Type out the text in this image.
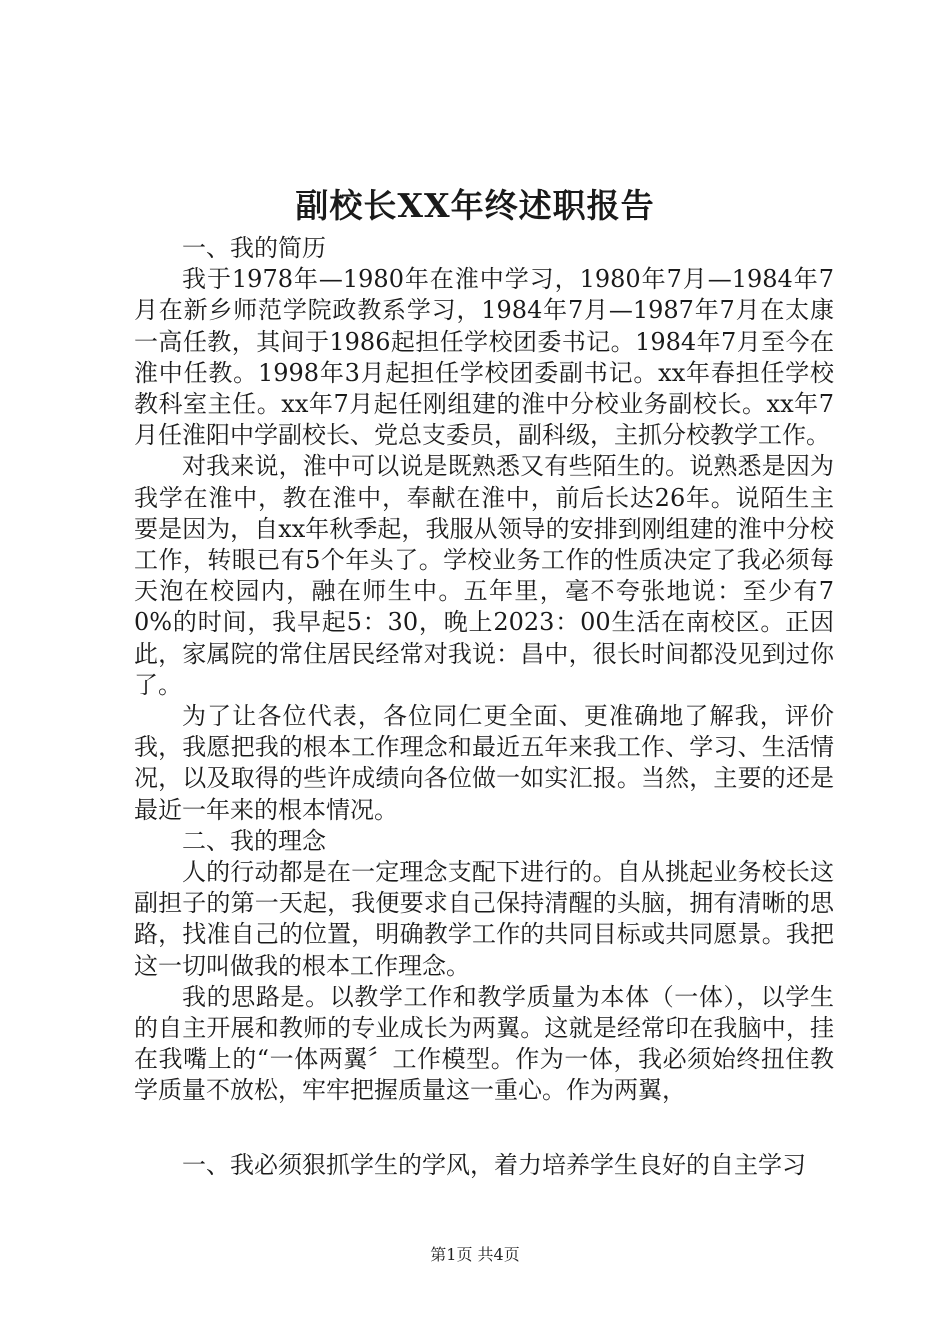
副校长XX年终述职报告

一、我的简历

我于1978年—1980年在淮中学习，1980年7月—1984年7月在新乡师范学院政教系学习，1984年7月—1987年7月在太康一高任教，其间于1986起担任学校团委书记。1984年7月至今在淮中任教。1998年3月起担任学校团委副书记。xx年春担任学校教科室主任。xx年7月起任刚组建的淮中分校业务副校长。xx年7月任淮阳中学副校长、党总支委员，副科级，主抓分校教学工作。

对我来说，淮中可以说是既熟悉又有些陌生的。说熟悉是因为我学在淮中，教在淮中，奉献在淮中，前后长达26年。说陌生主要是因为，自xx年秋季起，我服从领导的安排到刚组建的淮中分校工作，转眼已有5个年头了。学校业务工作的性质决定了我必须每天泡在校园内，融在师生中。五年里，毫不夸张地说：至少有70%的时间，我早起5：30，晚上2023：00生活在南校区。正因此，家属院的常住居民经常对我说：昌中，很长时间都没见到过你了。

为了让各位代表，各位同仁更全面、更准确地了解我，评价我，我愿把我的根本工作理念和最近五年来我工作、学习、生活情况，以及取得的些许成绩向各位做一如实汇报。当然，主要的还是最近一年来的根本情况。

二、我的理念

人的行动都是在一定理念支配下进行的。自从挑起业务校长这副担子的第一天起，我便要求自己保持清醒的头脑，拥有清晰的思路，找准自己的位置，明确教学工作的共同目标或共同愿景。我把这一切叫做我的根本工作理念。

我的思路是。以教学工作和教学质量为本体（一体），以学生的自主开展和教师的专业成长为两翼。这就是经常印在我脑中，挂在我嘴上的“一体两翼〞工作模型。作为一体，我必须始终扭住教学质量不放松，牢牢把握质量这一重心。作为两翼，

一、我必须狠抓学生的学风，着力培养学生良好的自主学习

第1页 共4页
